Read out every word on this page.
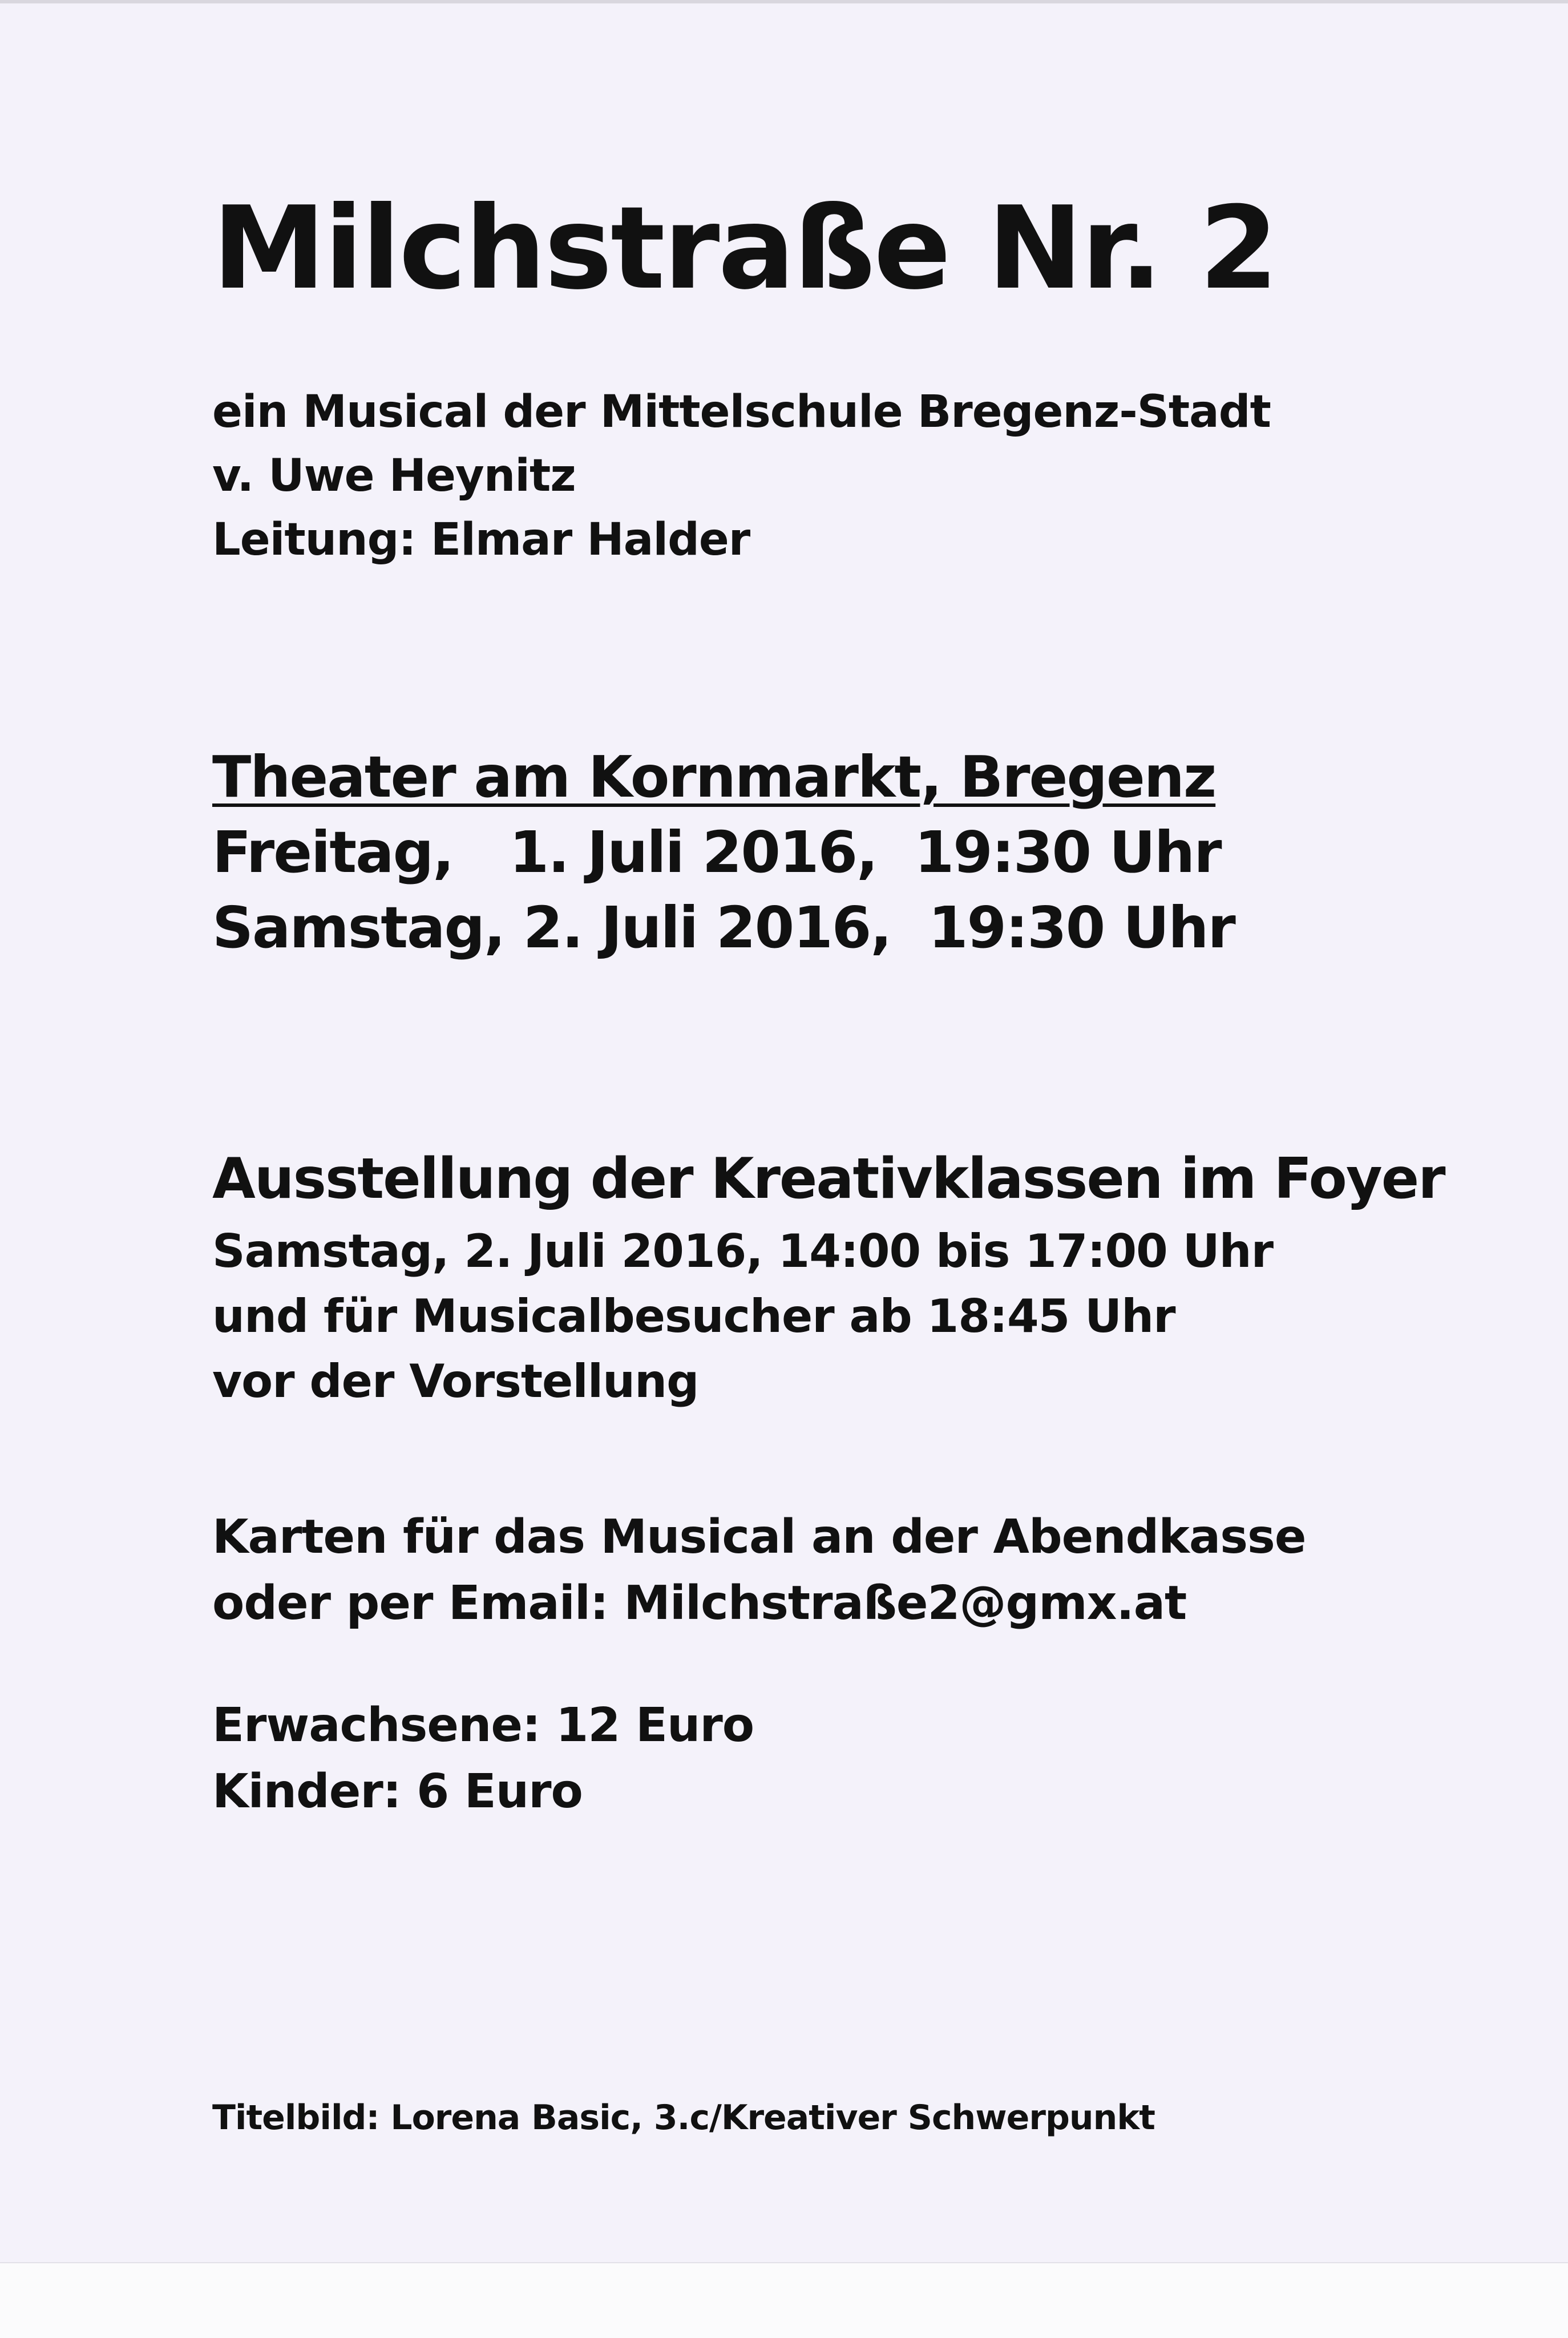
Milchstraße Nr. 2
ein Musical der Mittelschule Bregenz-Stadt
v. Uwe Heynitz
Leitung: Elmar Halder
Theater am Kornmarkt, Bregenz
Freitag,   1. Juli 2016,  19:30 Uhr
Samstag, 2. Juli 2016,  19:30 Uhr
Ausstellung der Kreativklassen im Foyer
Samstag, 2. Juli 2016, 14:00 bis 17:00 Uhr
und für Musicalbesucher ab 18:45 Uhr
vor der Vorstellung
Karten für das Musical an der Abendkasse
oder per Email: Milchstraße2@gmx.at
Erwachsene: 12 Euro
Kinder: 6 Euro
Titelbild: Lorena Basic, 3.c/Kreativer Schwerpunkt
